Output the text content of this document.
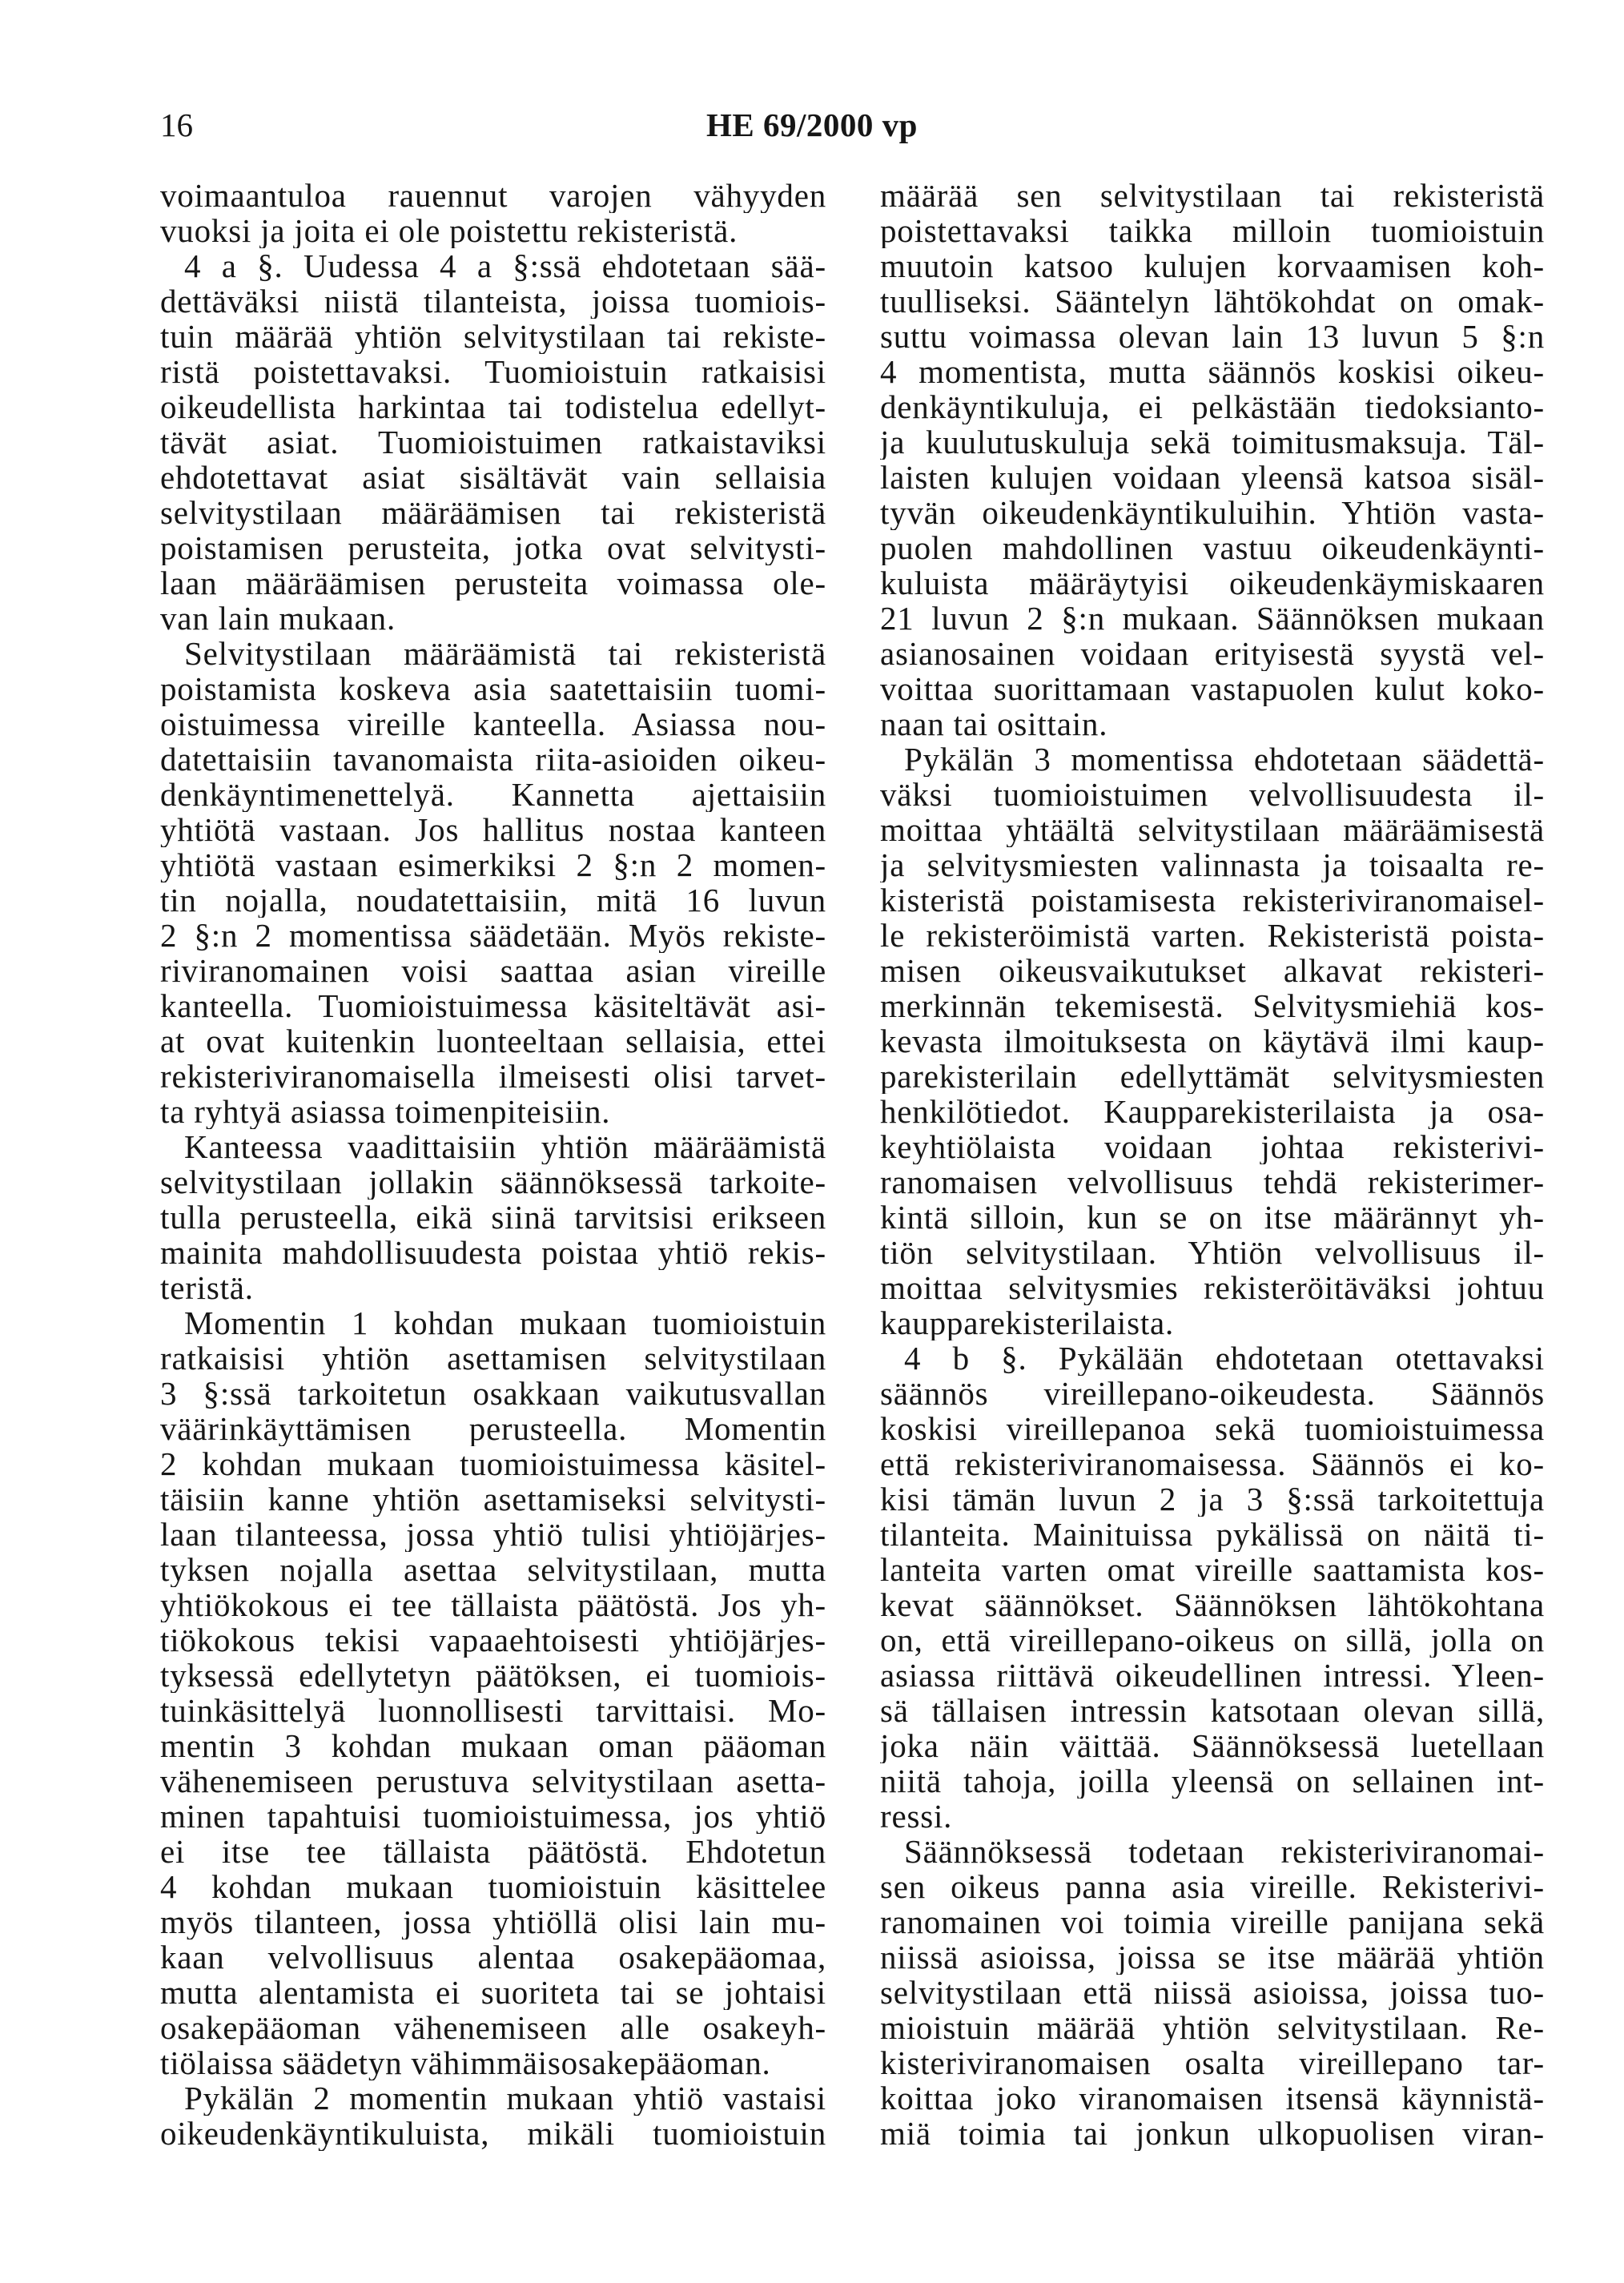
16	HE 69/2000 vp
voimaantuloa rauennut varojen vähyyden
vuoksi ja joita ei ole poistettu rekisteristä.
4 a §. Uudessa 4 a §:ssä ehdotetaan sää-
dettäväksi niistä tilanteista, joissa tuomiois-
tuin määrää yhtiön selvitystilaan tai rekiste-
ristä poistettavaksi. Tuomioistuin ratkaisisi
oikeudellista harkintaa tai todistelua edellyt-
tävät asiat. Tuomioistuimen ratkaistaviksi
ehdotettavat asiat sisältävät vain sellaisia
selvitystilaan määräämisen tai rekisteristä
poistamisen perusteita, jotka ovat selvitysti-
laan määräämisen perusteita voimassa ole-
van lain mukaan.
Selvitystilaan määräämistä tai rekisteristä
poistamista koskeva asia saatettaisiin tuomi-
oistuimessa vireille kanteella. Asiassa nou-
datettaisiin tavanomaista riita-asioiden oikeu-
denkäyntimenettelyä. Kannetta ajettaisiin
yhtiötä vastaan. Jos hallitus nostaa kanteen
yhtiötä vastaan esimerkiksi 2 §:n 2 momen-
tin nojalla, noudatettaisiin, mitä 16 luvun
2 §:n 2 momentissa säädetään. Myös rekiste-
riviranomainen voisi saattaa asian vireille
kanteella. Tuomioistuimessa käsiteltävät asi-
at ovat kuitenkin luonteeltaan sellaisia, ettei
rekisteriviranomaisella ilmeisesti olisi tarvet-
ta ryhtyä asiassa toimenpiteisiin.
Kanteessa vaadittaisiin yhtiön määräämistä
selvitystilaan jollakin säännöksessä tarkoite-
tulla perusteella, eikä siinä tarvitsisi erikseen
mainita mahdollisuudesta poistaa yhtiö rekis-
teristä.
Momentin 1 kohdan mukaan tuomioistuin
ratkaisisi yhtiön asettamisen selvitystilaan
3 §:ssä tarkoitetun osakkaan vaikutusvallan
väärinkäyttämisen perusteella. Momentin
2 kohdan mukaan tuomioistuimessa käsitel-
täisiin kanne yhtiön asettamiseksi selvitysti-
laan tilanteessa, jossa yhtiö tulisi yhtiöjärjes-
tyksen nojalla asettaa selvitystilaan, mutta
yhtiökokous ei tee tällaista päätöstä. Jos yh-
tiökokous tekisi vapaaehtoisesti yhtiöjärjes-
tyksessä edellytetyn päätöksen, ei tuomiois-
tuinkäsittelyä luonnollisesti tarvittaisi. Mo-
mentin 3 kohdan mukaan oman pääoman
vähenemiseen perustuva selvitystilaan asetta-
minen tapahtuisi tuomioistuimessa, jos yhtiö
ei itse tee tällaista päätöstä. Ehdotetun
4 kohdan mukaan tuomioistuin käsittelee
myös tilanteen, jossa yhtiöllä olisi lain mu-
kaan velvollisuus alentaa osakepääomaa,
mutta alentamista ei suoriteta tai se johtaisi
osakepääoman vähenemiseen alle osakeyh-
tiölaissa säädetyn vähimmäisosakepääoman.
Pykälän 2 momentin mukaan yhtiö vastaisi
oikeudenkäyntikuluista, mikäli tuomioistuin
määrää sen selvitystilaan tai rekisteristä
poistettavaksi taikka milloin tuomioistuin
muutoin katsoo kulujen korvaamisen koh-
tuulliseksi. Sääntelyn lähtökohdat on omak-
suttu voimassa olevan lain 13 luvun 5 §:n
4 momentista, mutta säännös koskisi oikeu-
denkäyntikuluja, ei pelkästään tiedoksianto-
ja kuulutuskuluja sekä toimitusmaksuja. Täl-
laisten kulujen voidaan yleensä katsoa sisäl-
tyvän oikeudenkäyntikuluihin. Yhtiön vasta-
puolen mahdollinen vastuu oikeudenkäynti-
kuluista määräytyisi oikeudenkäymiskaaren
21 luvun 2 §:n mukaan. Säännöksen mukaan
asianosainen voidaan erityisestä syystä vel-
voittaa suorittamaan vastapuolen kulut koko-
naan tai osittain.
Pykälän 3 momentissa ehdotetaan säädettä-
väksi tuomioistuimen velvollisuudesta il-
moittaa yhtäältä selvitystilaan määräämisestä
ja selvitysmiesten valinnasta ja toisaalta re-
kisteristä poistamisesta rekisteriviranomaisel-
le rekisteröimistä varten. Rekisteristä poista-
misen oikeusvaikutukset alkavat rekisteri-
merkinnän tekemisestä. Selvitysmiehiä kos-
kevasta ilmoituksesta on käytävä ilmi kaup-
parekisterilain edellyttämät selvitysmiesten
henkilötiedot. Kaupparekisterilaista ja osa-
keyhtiölaista voidaan johtaa rekisterivi-
ranomaisen velvollisuus tehdä rekisterimer-
kintä silloin, kun se on itse määrännyt yh-
tiön selvitystilaan. Yhtiön velvollisuus il-
moittaa selvitysmies rekisteröitäväksi johtuu
kaupparekisterilaista.
4 b §. Pykälään ehdotetaan otettavaksi
säännös vireillepano-oikeudesta. Säännös
koskisi vireillepanoa sekä tuomioistuimessa
että rekisteriviranomaisessa. Säännös ei ko-
kisi tämän luvun 2 ja 3 §:ssä tarkoitettuja
tilanteita. Mainituissa pykälissä on näitä ti-
lanteita varten omat vireille saattamista kos-
kevat säännökset. Säännöksen lähtökohtana
on, että vireillepano-oikeus on sillä, jolla on
asiassa riittävä oikeudellinen intressi. Yleen-
sä tällaisen intressin katsotaan olevan sillä,
joka näin väittää. Säännöksessä luetellaan
niitä tahoja, joilla yleensä on sellainen int-
ressi.
Säännöksessä todetaan rekisteriviranomai-
sen oikeus panna asia vireille. Rekisterivi-
ranomainen voi toimia vireille panijana sekä
niissä asioissa, joissa se itse määrää yhtiön
selvitystilaan että niissä asioissa, joissa tuo-
mioistuin määrää yhtiön selvitystilaan. Re-
kisteriviranomaisen osalta vireillepano tar-
koittaa joko viranomaisen itsensä käynnistä-
miä toimia tai jonkun ulkopuolisen viran-
